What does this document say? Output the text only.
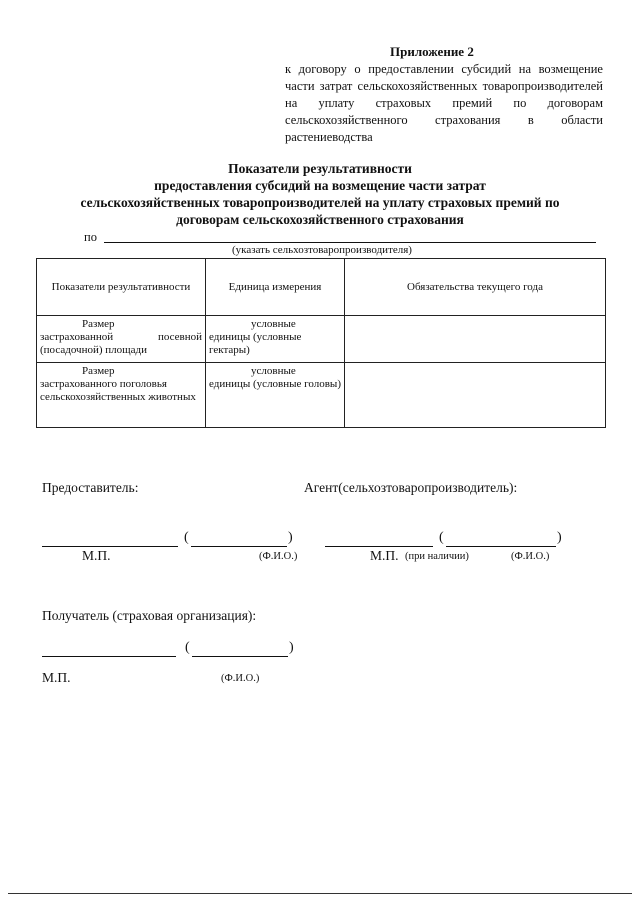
Приложение 2
к договору о предоставлении субсидий на возмещение части затрат сельскохозяйственных товаропроизводителей на уплату страховых премий по договорам сельскохозяйственного страхования в области растениеводства
Показатели результативности
предоставления субсидий на возмещение части затрат
сельскохозяйственных товаропроизводителей на уплату страховых премий по
договорам сельскохозяйственного страхования
по
(указать сельхозтоваропроизводителя)
Показатели результативности	Единица измерения	Обязательства текущего года

Размер
застрахованной посевной (посадочной) площади	условные
единицы (условные гектары)	

Размер
застрахованного поголовья сельскохозяйственных животных	условные
единицы (условные головы)	

Предоставитель:	Агент(сельхозтоваропроизводитель):
(	)
М.П.	(Ф.И.О.)
(	)
М.П. (при наличии)	(Ф.И.О.)
Получатель (страховая организация):
(	)
М.П.	(Ф.И.О.)
